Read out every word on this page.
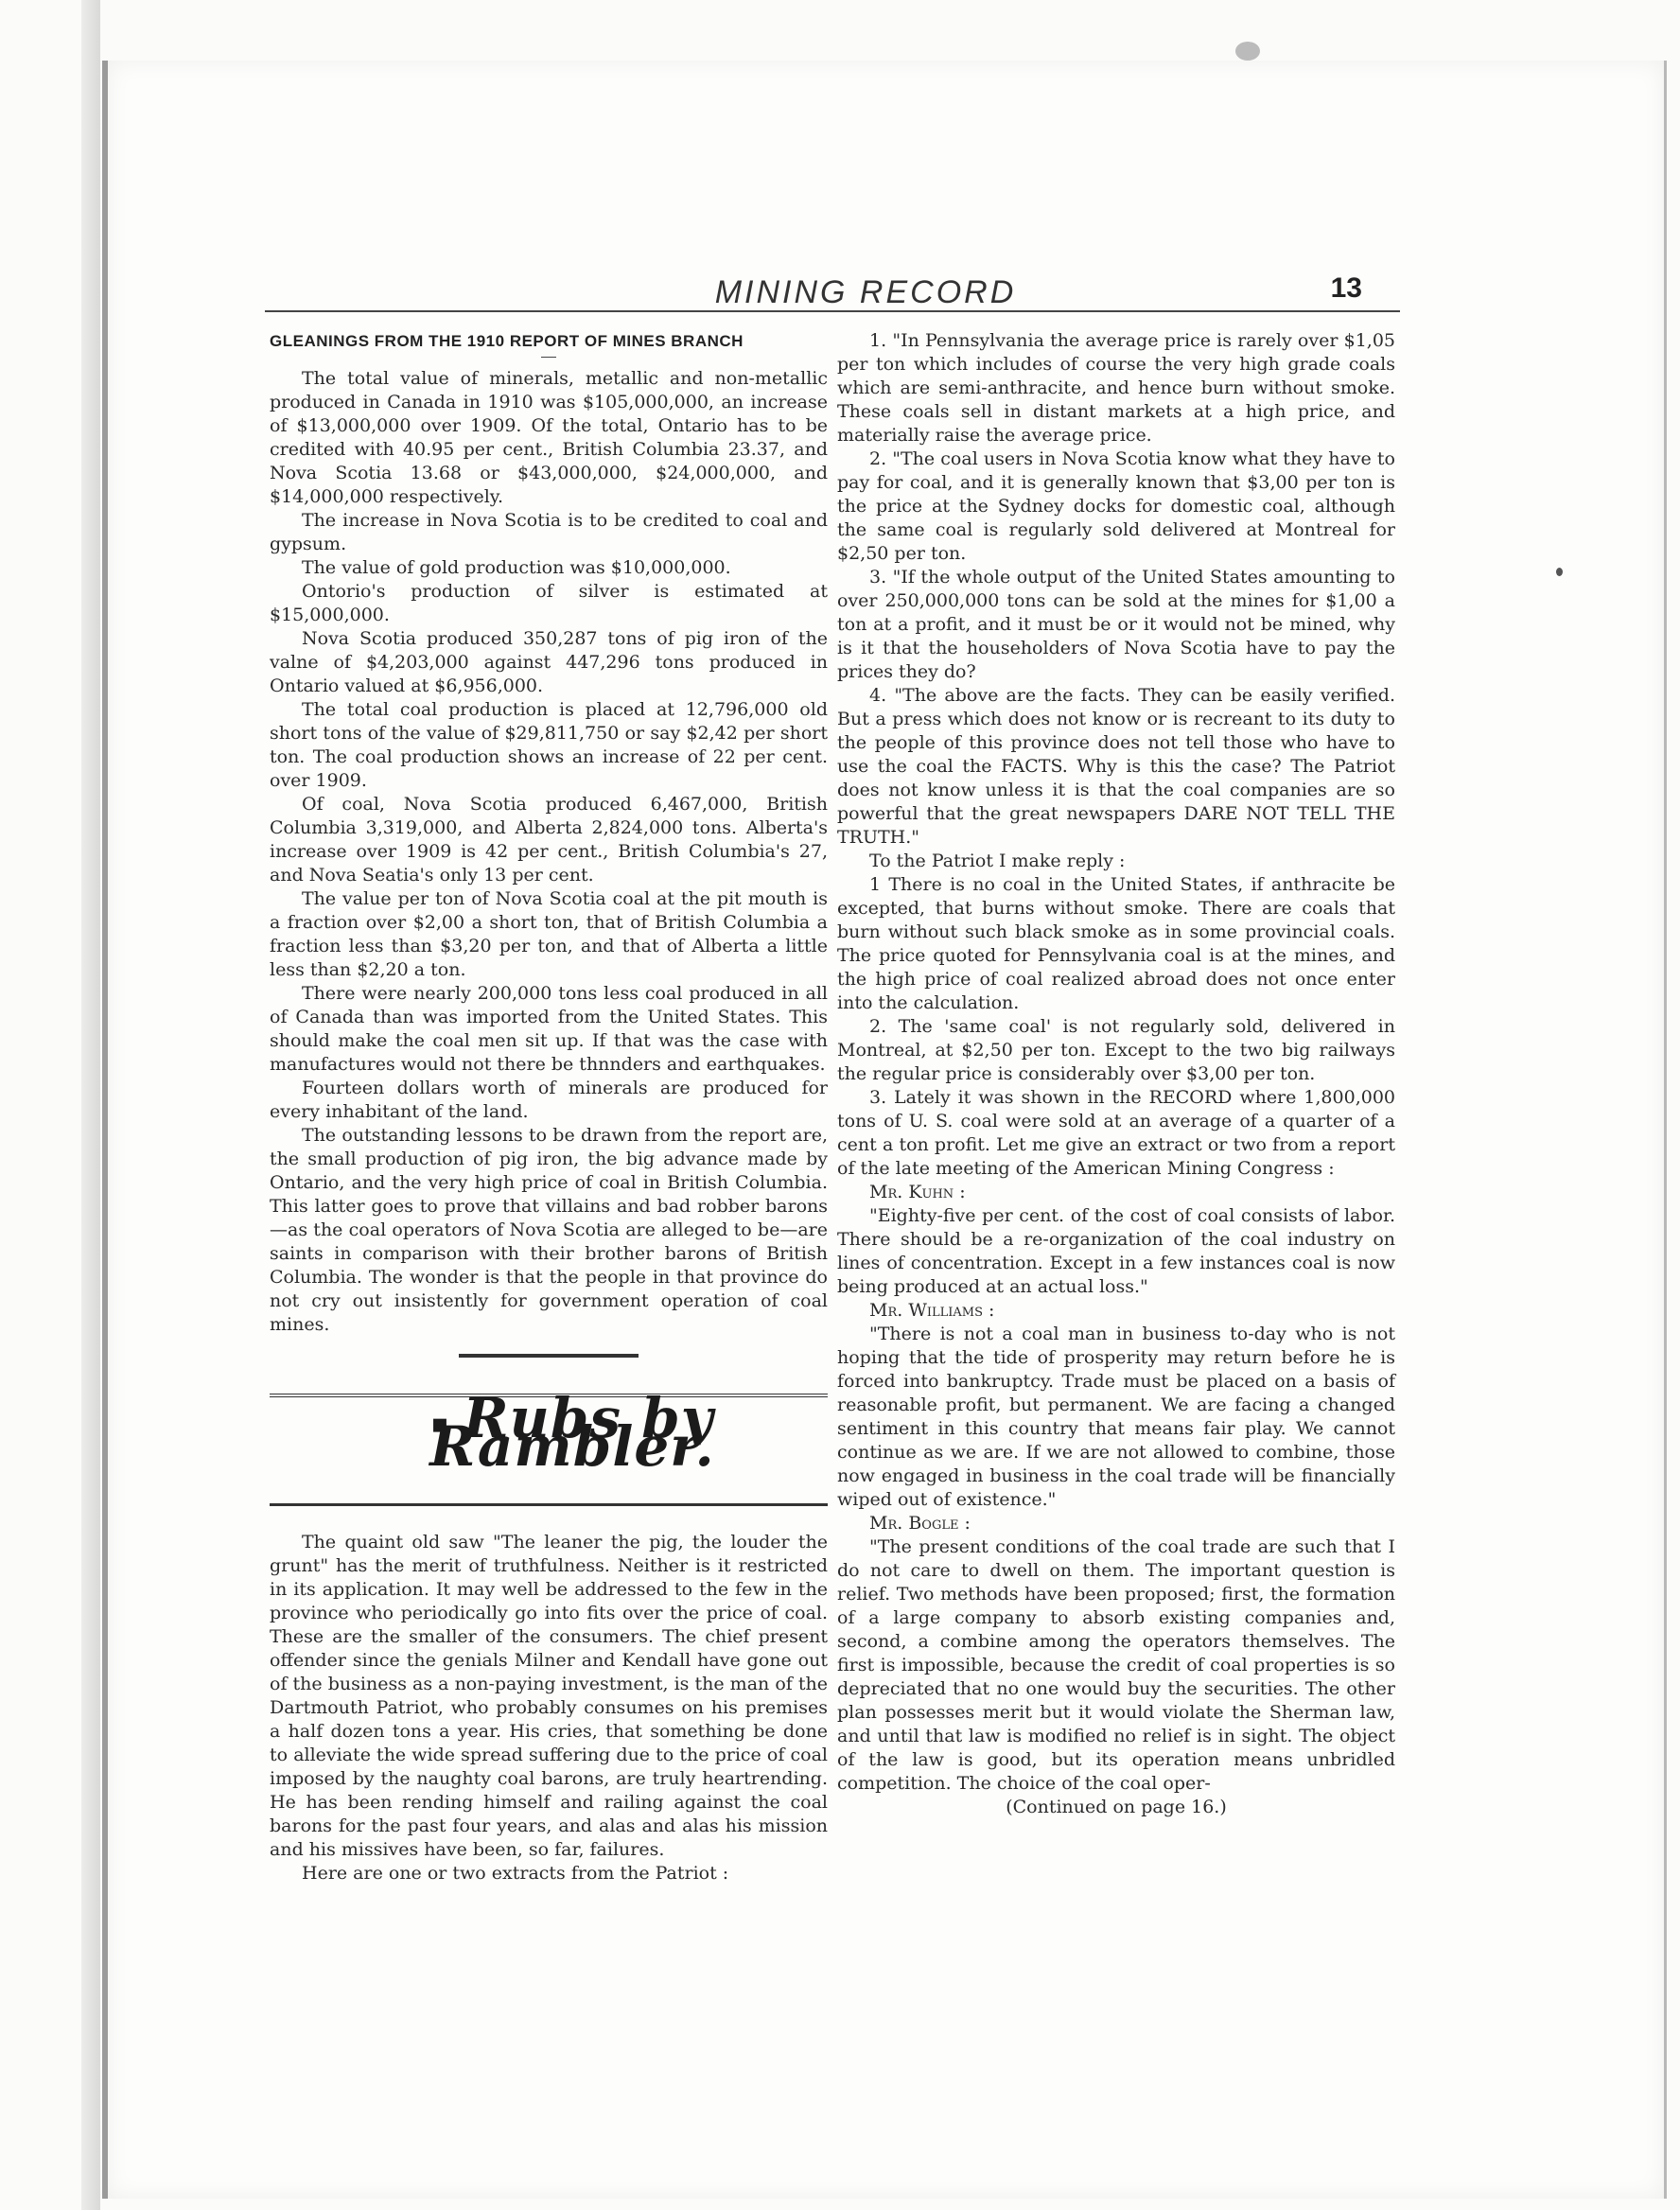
MINING RECORD	13
GLEANINGS FROM THE 1910 REPORT OF MINES BRANCH

The total value of minerals, metallic and non-metallic produced in Canada in 1910 was $105,000,000, an increase of $13,000,000 over 1909. Of the total, Ontario has to be credited with 40.95 per cent., British Columbia 23.37, and Nova Scotia 13.68 or $43,000,000, $24,000,000, and $14,000,000 respectively.

The increase in Nova Scotia is to be credited to coal and gypsum.

The value of gold production was $10,000,000.

Ontorio's production of silver is estimated at $15,000,000.

Nova Scotia produced 350,287 tons of pig iron of the valne of $4,203,000 against 447,296 tons produced in Ontario valued at $6,956,000.

The total coal production is placed at 12,796,000 old short tons of the value of $29,811,750 or say $2,42 per short ton. The coal production shows an increase of 22 per cent. over 1909.

Of coal, Nova Scotia produced 6,467,000, British Columbia 3,319,000, and Alberta 2,824,000 tons. Alberta's increase over 1909 is 42 per cent., British Columbia's 27, and Nova Seatia's only 13 per cent.

The value per ton of Nova Scotia coal at the pit mouth is a fraction over $2,00 a short ton, that of British Columbia a fraction less than $3,20 per ton, and that of Alberta a little less than $2,20 a ton.

There were nearly 200,000 tons less coal produced in all of Canada than was imported from the United States. This should make the coal men sit up. If that was the case with manufactures would not there be thnnders and earthquakes.

Fourteen dollars worth of minerals are produced for every inhabitant of the land.

The outstanding lessons to be drawn from the report are, the small production of pig iron, the big advance made by Ontario, and the very high price of coal in British Columbia. This latter goes to prove that villains and bad robber barons—as the coal operators of Nova Scotia are alleged to be—are saints in comparison with their brother barons of British Columbia. The wonder is that the people in that province do not cry out insistently for government operation of coal mines.

▪ Rubs by Rambler.

The quaint old saw "The leaner the pig, the louder the grunt" has the merit of truthfulness. Neither is it restricted in its application. It may well be addressed to the few in the province who periodically go into fits over the price of coal. These are the smaller of the consumers. The chief present offender since the genials Milner and Kendall have gone out of the business as a non-paying investment, is the man of the Dartmouth Patriot, who probably consumes on his premises a half dozen tons a year. His cries, that something be done to alleviate the wide spread suffering due to the price of coal imposed by the naughty coal barons, are truly heartrending. He has been rending himself and railing against the coal barons for the past four years, and alas and alas his mission and his missives have been, so far, failures.

Here are one or two extracts from the Patriot :

1. "In Pennsylvania the average price is rarely over $1,05 per ton which includes of course the very high grade coals which are semi-anthracite, and hence burn without smoke. These coals sell in distant markets at a high price, and materially raise the average price.

2. "The coal users in Nova Scotia know what they have to pay for coal, and it is generally known that $3,00 per ton is the price at the Sydney docks for domestic coal, although the same coal is regularly sold delivered at Montreal for $2,50 per ton.

3. "If the whole output of the United States amounting to over 250,000,000 tons can be sold at the mines for $1,00 a ton at a profit, and it must be or it would not be mined, why is it that the householders of Nova Scotia have to pay the prices they do?

4. "The above are the facts. They can be easily verified. But a press which does not know or is recreant to its duty to the people of this province does not tell those who have to use the coal the FACTS. Why is this the case? The Patriot does not know unless it is that the coal companies are so powerful that the great newspapers DARE NOT TELL THE TRUTH."

To the Patriot I make reply :

1 There is no coal in the United States, if anthracite be excepted, that burns without smoke. There are coals that burn without such black smoke as in some provincial coals. The price quoted for Pennsylvania coal is at the mines, and the high price of coal realized abroad does not once enter into the calculation.

2. The 'same coal' is not regularly sold, delivered in Montreal, at $2,50 per ton. Except to the two big railways the regular price is considerably over $3,00 per ton.

3. Lately it was shown in the RECORD where 1,800,000 tons of U. S. coal were sold at an average of a quarter of a cent a ton profit. Let me give an extract or two from a report of the late meeting of the American Mining Congress :

Mr. Kuhn :

"Eighty-five per cent. of the cost of coal consists of labor. There should be a re-organization of the coal industry on lines of concentration. Except in a few instances coal is now being produced at an actual loss."

Mr. Williams :

"There is not a coal man in business to-day who is not hoping that the tide of prosperity may return before he is forced into bankruptcy. Trade must be placed on a basis of reasonable profit, but permanent. We are facing a changed sentiment in this country that means fair play. We cannot continue as we are. If we are not allowed to combine, those now engaged in business in the coal trade will be financially wiped out of existence."

Mr. Bogle :

"The present conditions of the coal trade are such that I do not care to dwell on them. The important question is relief. Two methods have been proposed; first, the formation of a large company to absorb existing companies and, second, a combine among the operators themselves. The first is impossible, because the credit of coal properties is so depreciated that no one would buy the securities. The other plan possesses merit but it would violate the Sherman law, and until that law is modified no relief is in sight. The object of the law is good, but its operation means unbridled competition. The choice of the coal oper-

(Continued on page 16.)
